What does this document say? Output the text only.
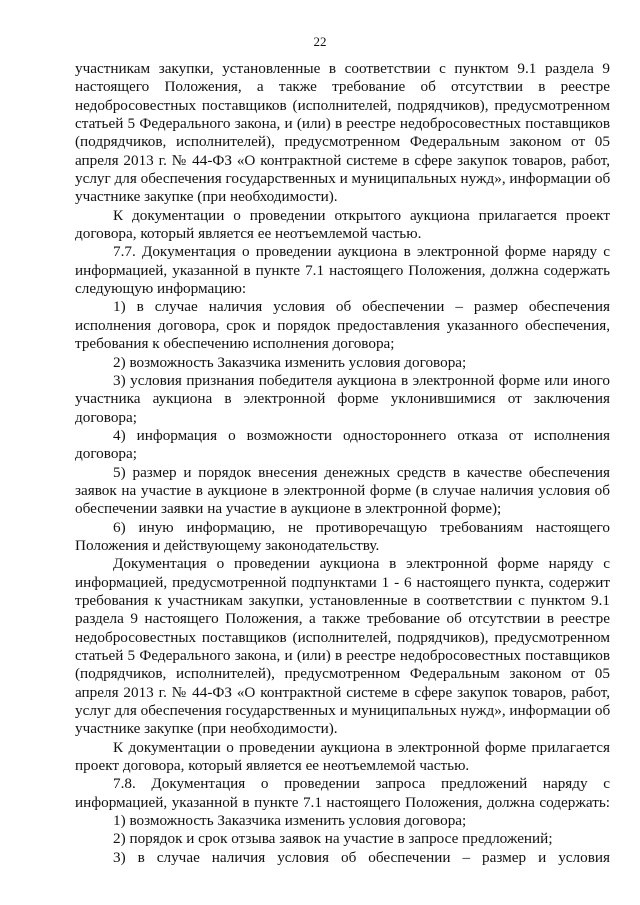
22
участникам закупки, установленные в соответствии с пунктом 9.1 раздела 9
настоящего Положения, а также требование об отсутствии в реестре
недобросовестных поставщиков (исполнителей, подрядчиков), предусмотренном
статьей 5 Федерального закона, и (или) в реестре недобросовестных поставщиков
(подрядчиков, исполнителей), предусмотренном Федеральным законом от 05
апреля 2013 г. № 44-ФЗ «О контрактной системе в сфере закупок товаров, работ,
услуг для обеспечения государственных и муниципальных нужд», информации об
участнике закупке (при необходимости).
К документации о проведении открытого аукциона прилагается проект
договора, который является ее неотъемлемой частью.
7.7. Документация о проведении аукциона в электронной форме наряду с
информацией, указанной в пункте 7.1 настоящего Положения, должна содержать
следующую информацию:
1) в случае наличия условия об обеспечении – размер обеспечения
исполнения договора, срок и порядок предоставления указанного обеспечения,
требования к обеспечению исполнения договора;
2) возможность Заказчика изменить условия договора;
3) условия признания победителя аукциона в электронной форме или иного
участника аукциона в электронной форме уклонившимися от заключения
договора;
4) информация о возможности одностороннего отказа от исполнения
договора;
5) размер и порядок внесения денежных средств в качестве обеспечения
заявок на участие в аукционе в электронной форме (в случае наличия условия об
обеспечении заявки на участие в аукционе в электронной форме);
6) иную информацию, не противоречащую требованиям настоящего
Положения и действующему законодательству.
Документация о проведении аукциона в электронной форме наряду с
информацией, предусмотренной подпунктами 1 - 6 настоящего пункта, содержит
требования к участникам закупки, установленные в соответствии с пунктом 9.1
раздела 9 настоящего Положения, а также требование об отсутствии в реестре
недобросовестных поставщиков (исполнителей, подрядчиков), предусмотренном
статьей 5 Федерального закона, и (или) в реестре недобросовестных поставщиков
(подрядчиков, исполнителей), предусмотренном Федеральным законом от 05
апреля 2013 г. № 44-ФЗ «О контрактной системе в сфере закупок товаров, работ,
услуг для обеспечения государственных и муниципальных нужд», информации об
участнике закупке (при необходимости).
К документации о проведении аукциона в электронной форме прилагается
проект договора, который является ее неотъемлемой частью.
7.8. Документация о проведении запроса предложений наряду с
информацией, указанной в пункте 7.1 настоящего Положения, должна содержать:
1) возможность Заказчика изменить условия договора;
2) порядок и срок отзыва заявок на участие в запросе предложений;
3) в случае наличия условия об обеспечении – размер и условия
